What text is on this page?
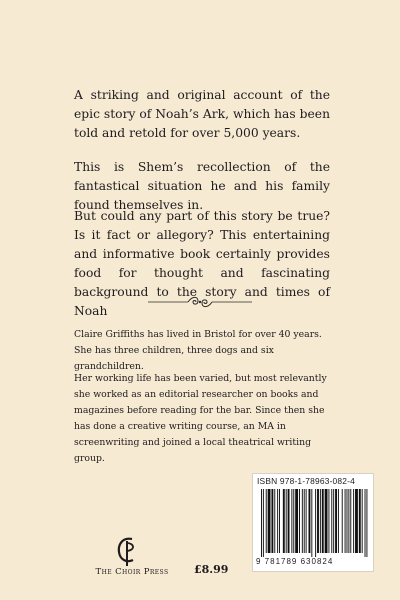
A striking and original account of the epic story of Noah’s Ark, which has been told and retold for over 5,000 years.

This is Shem’s recollection of the fantastical situation he and his family found themselves in.

But could any part of this story be true? Is it fact or allegory? This entertaining and informative book certainly provides food for thought and fascinating background to the story and times of Noah

Claire Griffiths has lived in Bristol for over 40 years. She has three children, three dogs and six grandchildren.

Her working life has been varied, but most relevantly she worked as an editorial researcher on books and magazines before reading for the bar. Since then she has done a creative writing course, an MA in screenwriting and joined a local theatrical writing group.

The Choir Press	£8.99
ISBN 978-1-78963-082-4
9 781789 630824
